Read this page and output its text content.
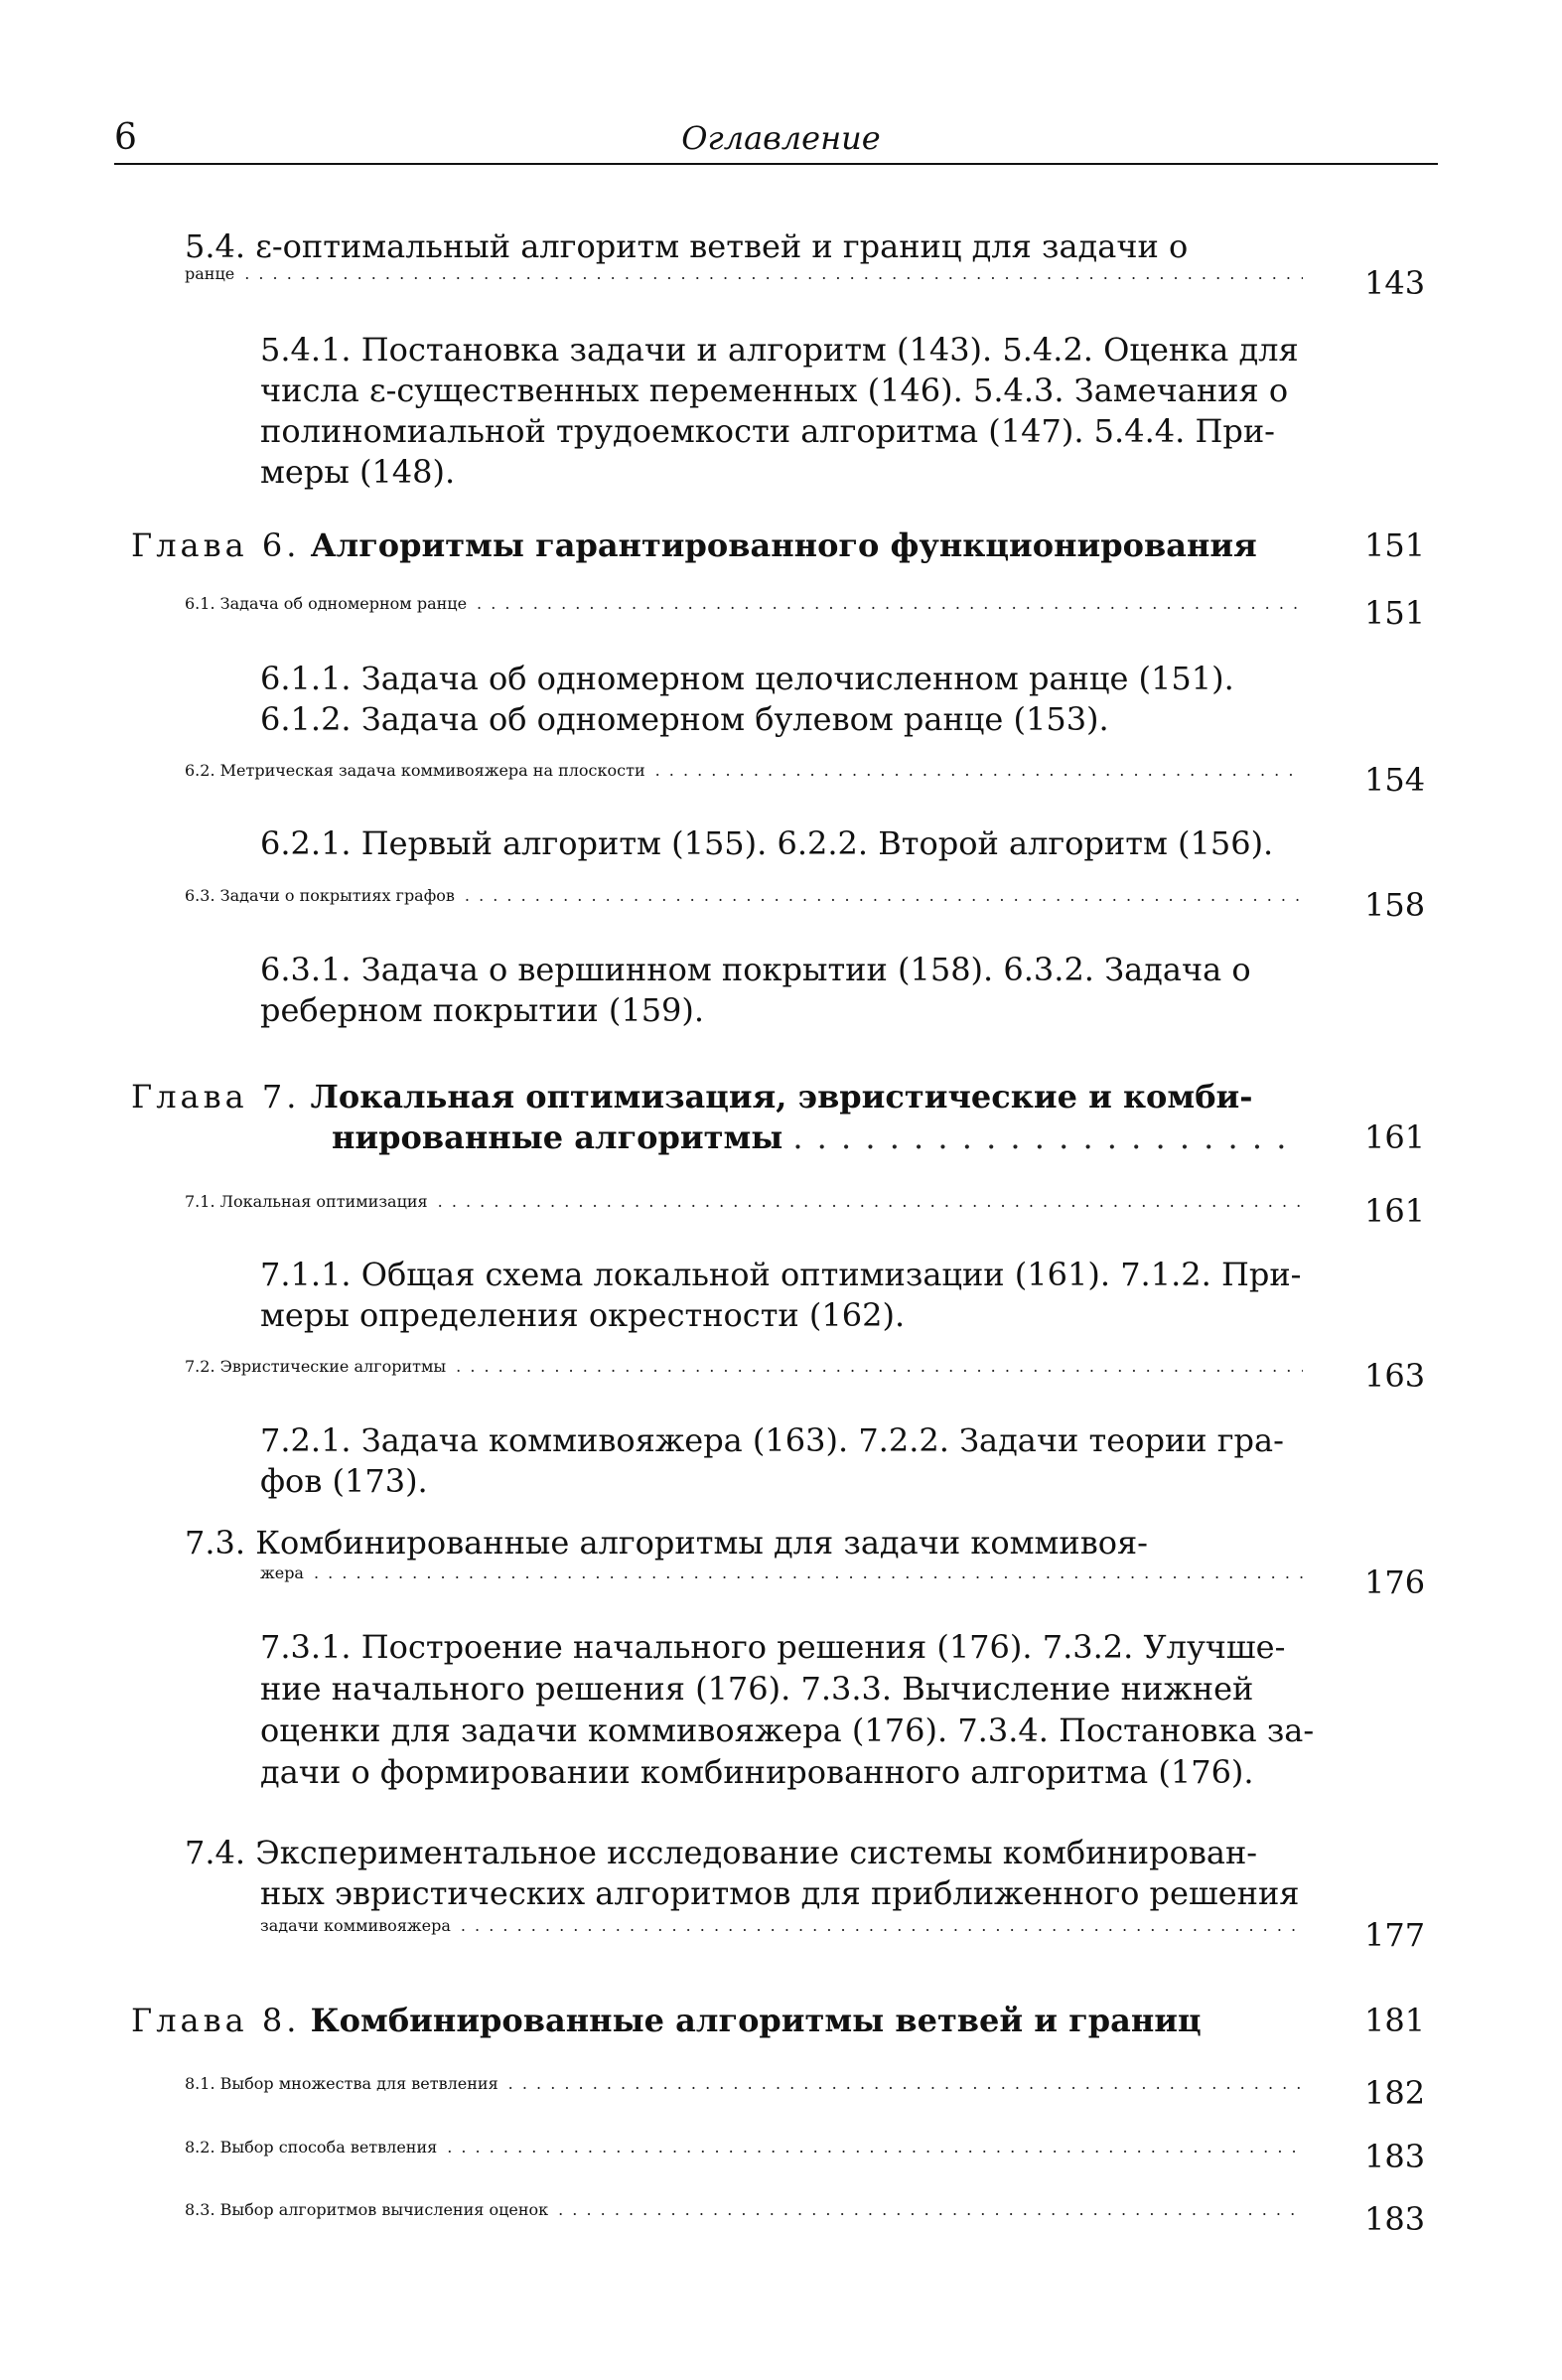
6	Оглавление
5.4. ε-оптимальный алгоритм ветвей и границ для задачи о
ранце . . .	143
5.4.1. Постановка задачи и алгоритм (143). 5.4.2. Оценка для
числа ε-существенных переменных (146). 5.4.3. Замечания о
полиномиальной трудоемкости алгоритма (147). 5.4.4. При-
меры (148).
Глава 6. Алгоритмы гарантированного функционирования	151
6.1. Задача об одномерном ранце . . .	151
6.1.1. Задача об одномерном целочисленном ранце (151).
6.1.2. Задача об одномерном булевом ранце (153).
6.2. Метрическая задача коммивояжера на плоскости . . .	154
6.2.1. Первый алгоритм (155). 6.2.2. Второй алгоритм (156).
6.3. Задачи о покрытиях графов . . .	158
6.3.1. Задача о вершинном покрытии (158). 6.3.2. Задача о
реберном покрытии (159).
Глава 7. Локальная оптимизация, эвристические и комби-
нированные алгоритмы . . .	161
7.1. Локальная оптимизация . . .	161
7.1.1. Общая схема локальной оптимизации (161). 7.1.2. При-
меры определения окрестности (162).
7.2. Эвристические алгоритмы . . .	163
7.2.1. Задача коммивояжера (163). 7.2.2. Задачи теории гра-
фов (173).
7.3. Комбинированные алгоритмы для задачи коммивоя-
жера . . .	176
7.3.1. Построение начального решения (176). 7.3.2. Улучше-
ние начального решения (176). 7.3.3. Вычисление нижней
оценки для задачи коммивояжера (176). 7.3.4. Постановка за-
дачи о формировании комбинированного алгоритма (176).
7.4. Экспериментальное исследование системы комбинирован-
ных эвристических алгоритмов для приближенного решения
задачи коммивояжера . . .	177
Глава 8. Комбинированные алгоритмы ветвей и границ	181
8.1. Выбор множества для ветвления . . .	182
8.2. Выбор способа ветвления . . .	183
8.3. Выбор алгоритмов вычисления оценок . . .	183
